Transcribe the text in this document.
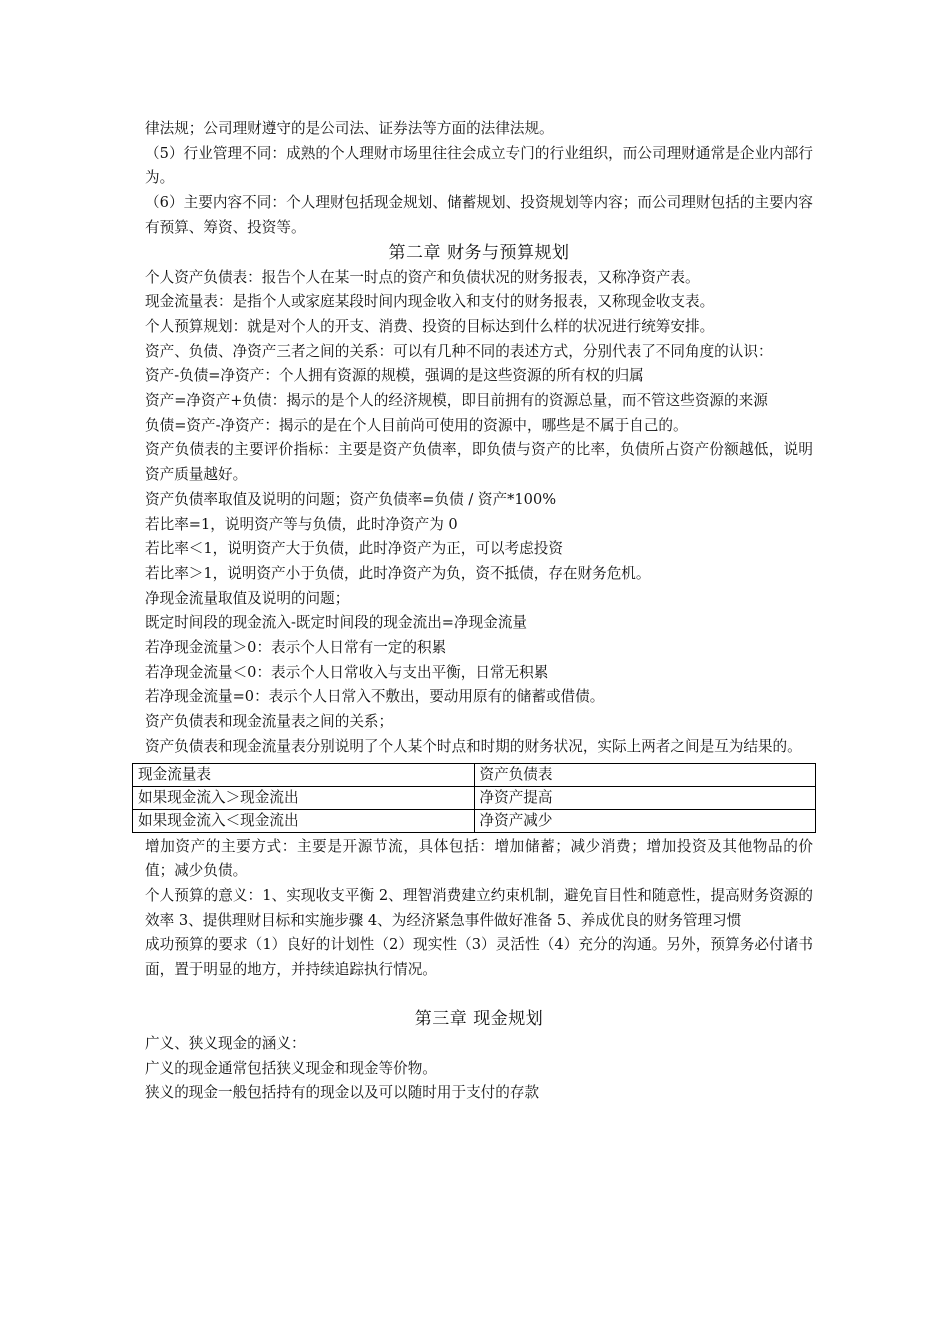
律法规；公司理财遵守的是公司法、证券法等方面的法律法规。

（5）行业管理不同：成熟的个人理财市场里往往会成立专门的行业组织，而公司理财通常是企业内部行为。

（6）主要内容不同：个人理财包括现金规划、储蓄规划、投资规划等内容；而公司理财包括的主要内容有预算、筹资、投资等。

第二章 财务与预算规划

个人资产负债表：报告个人在某一时点的资产和负债状况的财务报表，又称净资产表。

现金流量表：是指个人或家庭某段时间内现金收入和支付的财务报表，又称现金收支表。

个人预算规划：就是对个人的开支、消费、投资的目标达到什么样的状况进行统筹安排。

资产、负债、净资产三者之间的关系：可以有几种不同的表述方式，分别代表了不同角度的认识：

资产-负债=净资产：个人拥有资源的规模，强调的是这些资源的所有权的归属

资产=净资产+负债：揭示的是个人的经济规模，即目前拥有的资源总量，而不管这些资源的来源

负债=资产-净资产：揭示的是在个人目前尚可使用的资源中，哪些是不属于自己的。

资产负债表的主要评价指标：主要是资产负债率，即负债与资产的比率，负债所占资产份额越低，说明资产质量越好。

资产负债率取值及说明的问题；资产负债率=负债 / 资产*100%

若比率=1，说明资产等与负债，此时净资产为 0

若比率＜1，说明资产大于负债，此时净资产为正，可以考虑投资

若比率＞1，说明资产小于负债，此时净资产为负，资不抵债，存在财务危机。

净现金流量取值及说明的问题；

既定时间段的现金流入-既定时间段的现金流出=净现金流量

若净现金流量＞0：表示个人日常有一定的积累

若净现金流量＜0：表示个人日常收入与支出平衡，日常无积累

若净现金流量=0：表示个人日常入不敷出，要动用原有的储蓄或借债。

资产负债表和现金流量表之间的关系；

资产负债表和现金流量表分别说明了个人某个时点和时期的财务状况，实际上两者之间是互为结果的。

现金流量表	资产负债表
如果现金流入＞现金流出	净资产提高
如果现金流入＜现金流出	净资产减少

增加资产的主要方式：主要是开源节流，具体包括：增加储蓄；减少消费；增加投资及其他物品的价值；减少负债。

个人预算的意义：1、实现收支平衡 2、理智消费建立约束机制，避免盲目性和随意性，提高财务资源的效率 3、提供理财目标和实施步骤 4、为经济紧急事件做好准备 5、养成优良的财务管理习惯

成功预算的要求（1）良好的计划性（2）现实性（3）灵活性（4）充分的沟通。另外，预算务必付诸书面，置于明显的地方，并持续追踪执行情况。

第三章 现金规划

广义、狭义现金的涵义：

广义的现金通常包括狭义现金和现金等价物。

狭义的现金一般包括持有的现金以及可以随时用于支付的存款
